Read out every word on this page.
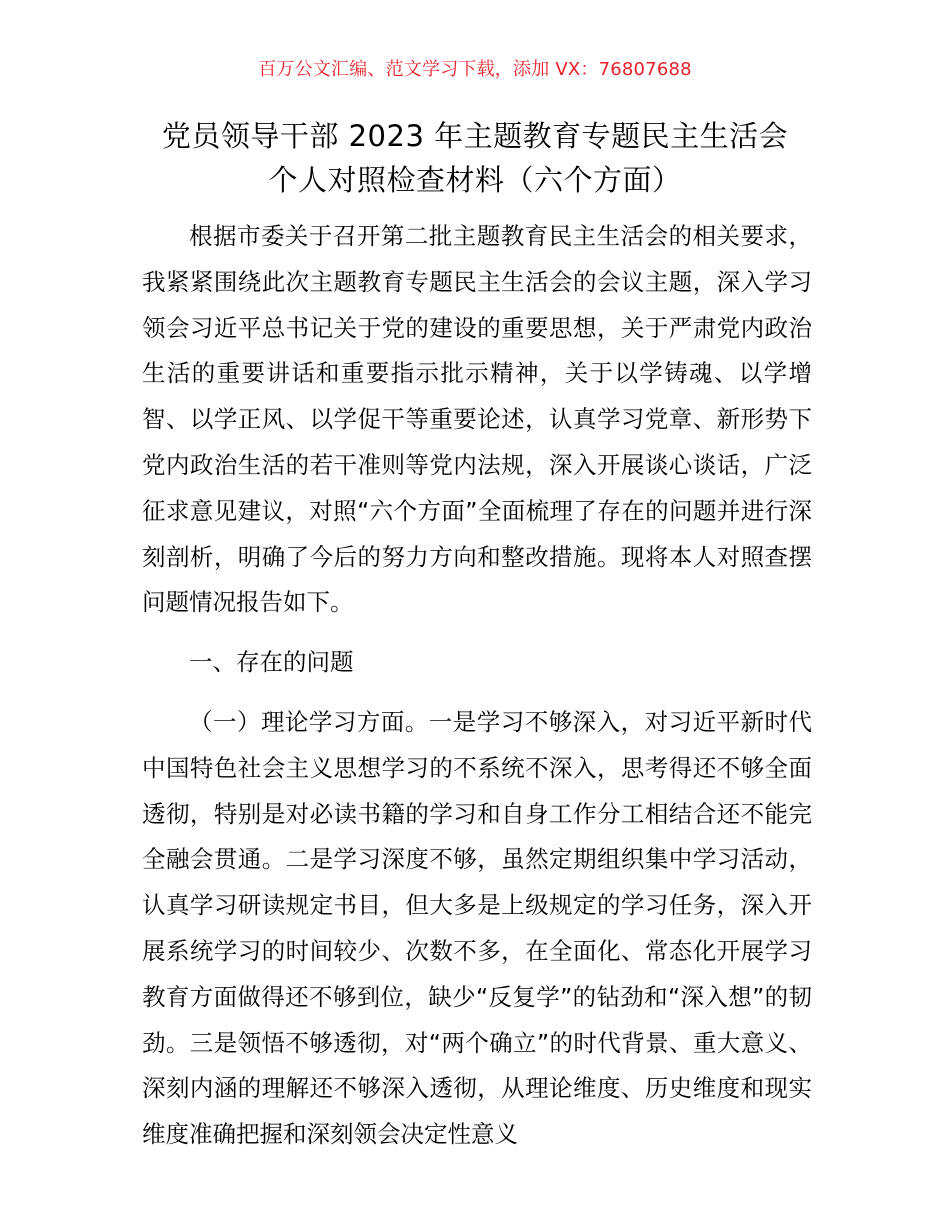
百万公文汇编、范文学习下载，添加 VX：76807688
党员领导干部 2023 年主题教育专题民主生活会
个人对照检查材料（六个方面）

根据市委关于召开第二批主题教育民主生活会的相关要求，我紧紧围绕此次主题教育专题民主生活会的会议主题，深入学习领会习近平总书记关于党的建设的重要思想，关于严肃党内政治生活的重要讲话和重要指示批示精神，关于以学铸魂、以学增智、以学正风、以学促干等重要论述，认真学习党章、新形势下党内政治生活的若干准则等党内法规，深入开展谈心谈话，广泛征求意见建议，对照“六个方面”全面梳理了存在的问题并进行深刻剖析，明确了今后的努力方向和整改措施。现将本人对照查摆问题情况报告如下。

一、存在的问题

（一）理论学习方面。一是学习不够深入，对习近平新时代中国特色社会主义思想学习的不系统不深入，思考得还不够全面透彻，特别是对必读书籍的学习和自身工作分工相结合还不能完全融会贯通。二是学习深度不够，虽然定期组织集中学习活动，认真学习研读规定书目，但大多是上级规定的学习任务，深入开展系统学习的时间较少、次数不多，在全面化、常态化开展学习教育方面做得还不够到位，缺少“反复学”的钻劲和“深入想”的韧劲。三是领悟不够透彻，对“两个确立”的时代背景、重大意义、深刻内涵的理解还不够深入透彻，从理论维度、历史维度和现实维度准确把握和深刻领会决定性意义
